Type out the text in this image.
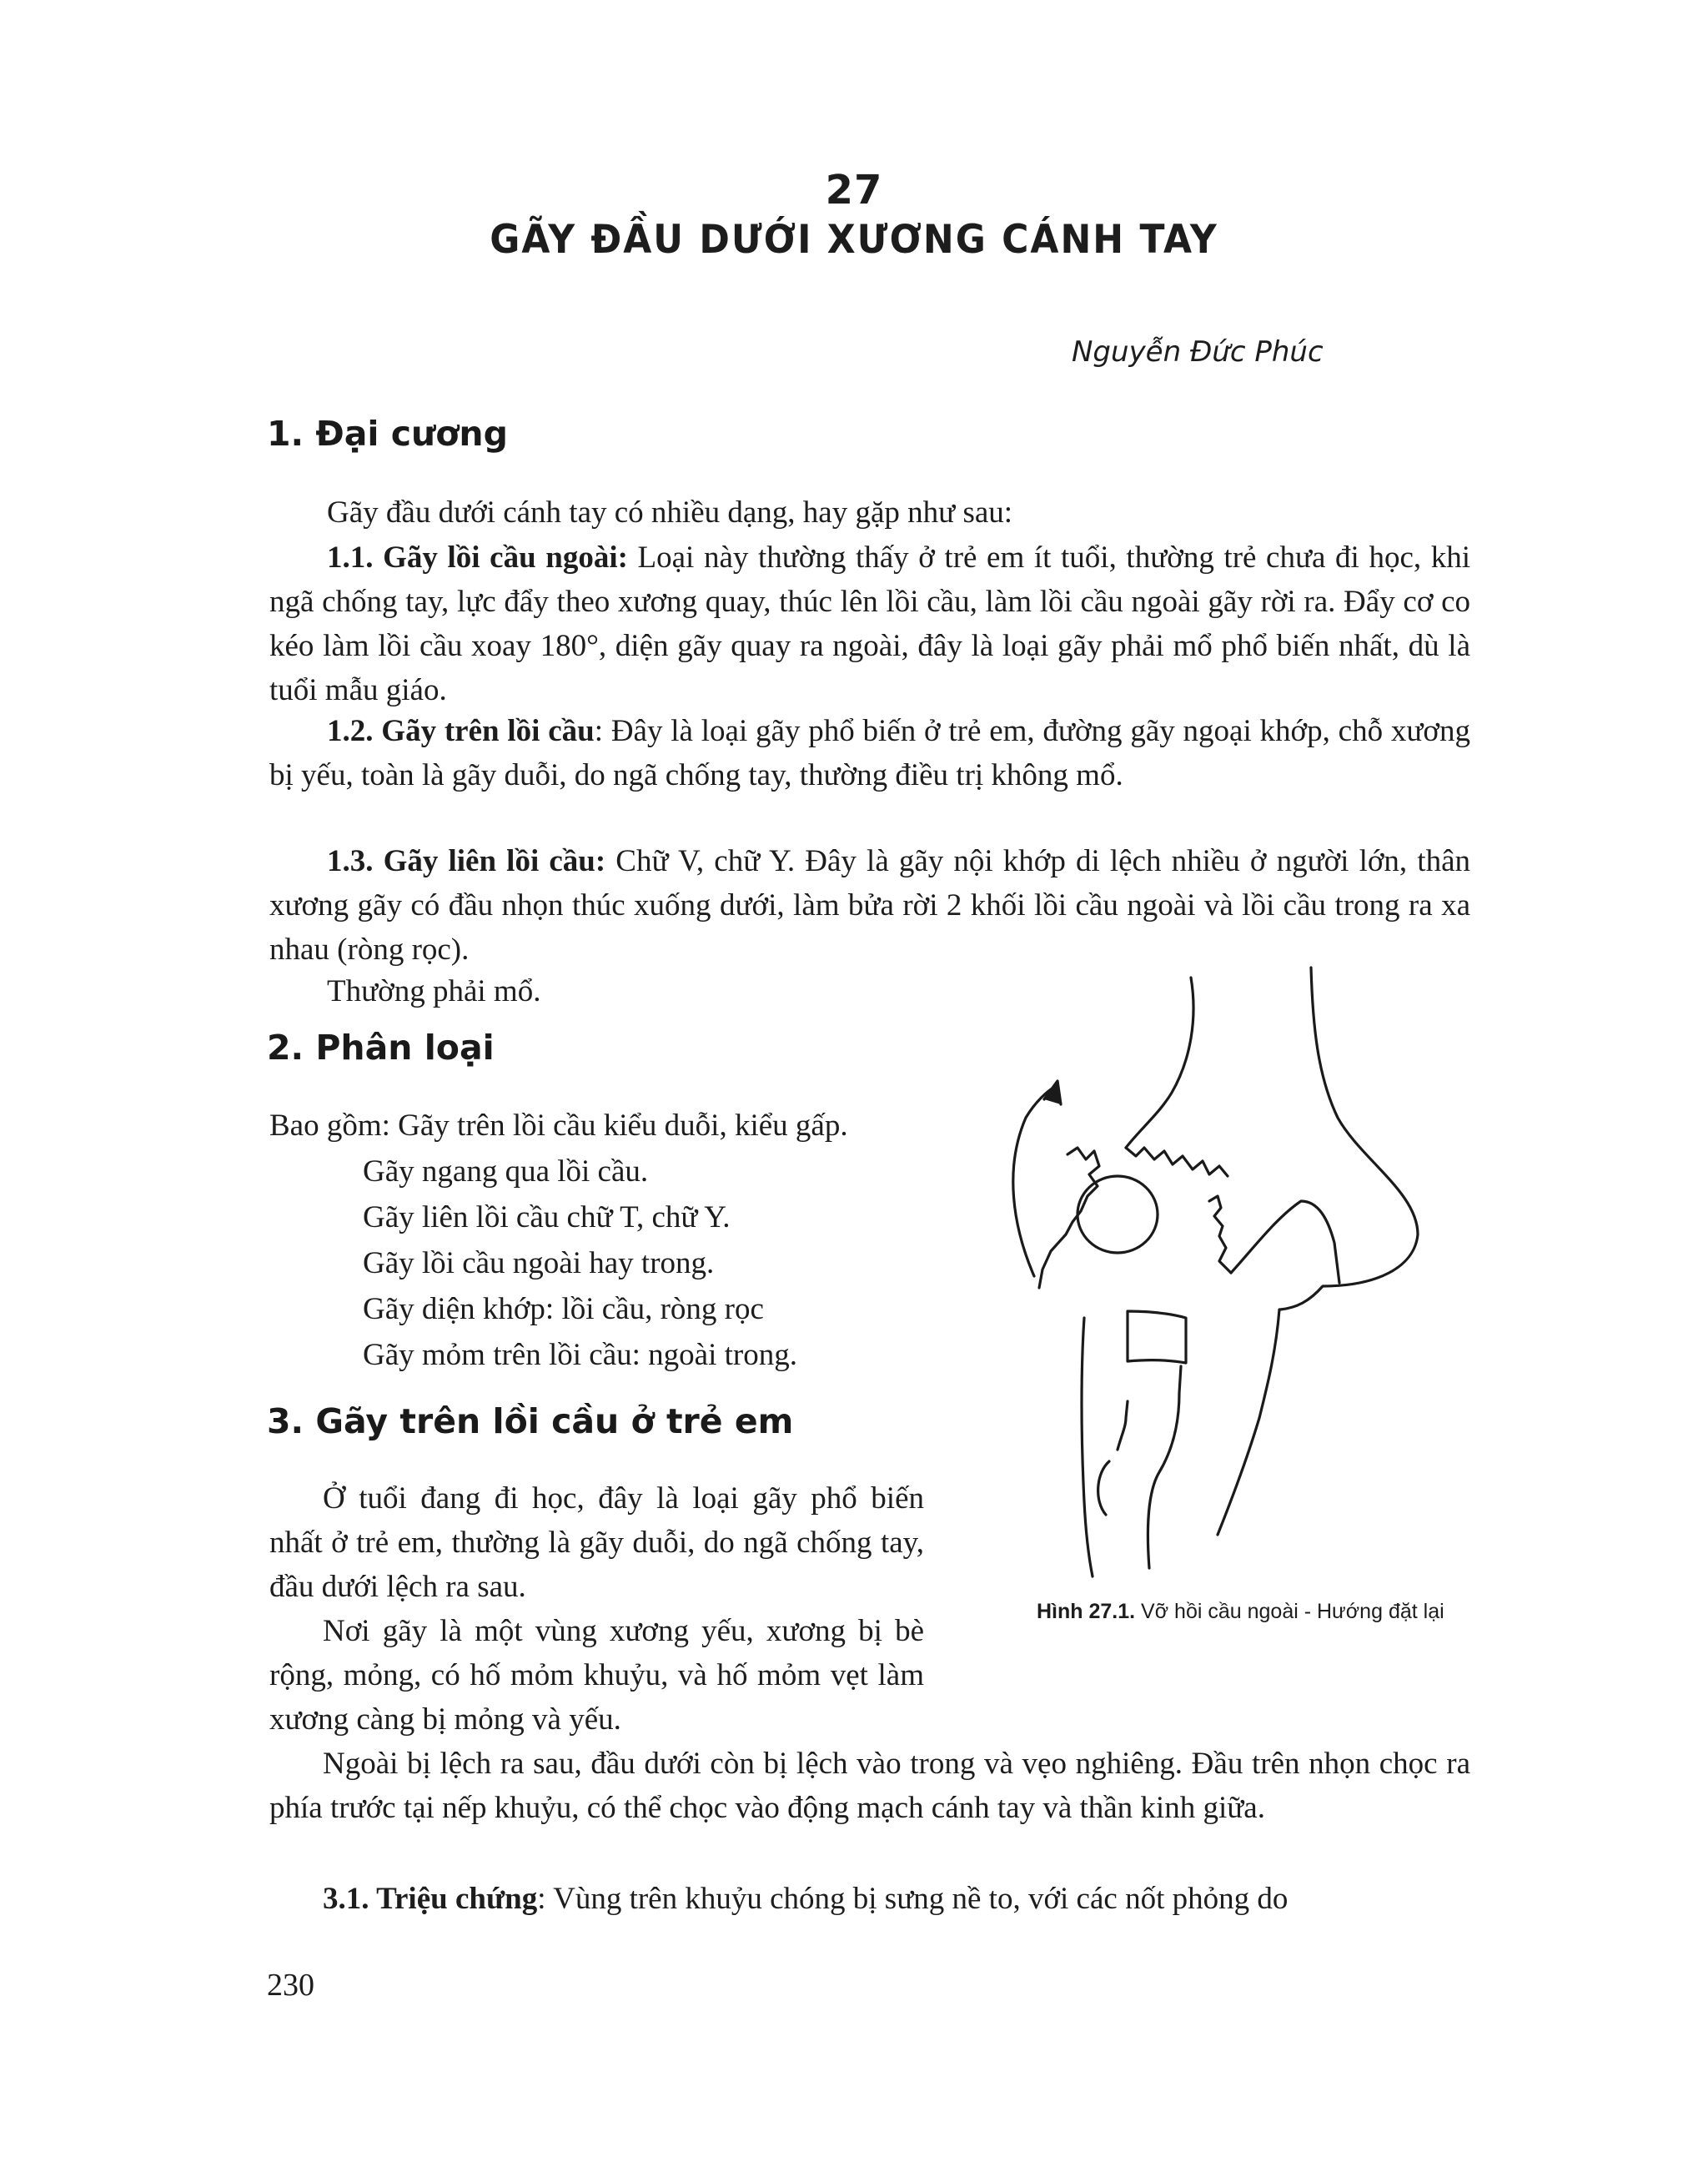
27
GÃY ĐẦU DƯỚI XƯƠNG CÁNH TAY
Nguyễn Đức Phúc
1. Đại cương
Gãy đầu dưới cánh tay có nhiều dạng, hay gặp như sau:
1.1. Gãy lồi cầu ngoài: Loại này thường thấy ở trẻ em ít tuổi, thường trẻ chưa đi học, khi ngã chống tay, lực đẩy theo xương quay, thúc lên lồi cầu, làm lồi cầu ngoài gãy rời ra. Đẩy cơ co kéo làm lồi cầu xoay 180°, diện gãy quay ra ngoài, đây là loại gãy phải mổ phổ biến nhất, dù là tuổi mẫu giáo.
1.2. Gãy trên lồi cầu: Đây là loại gãy phổ biến ở trẻ em, đường gãy ngoại khớp, chỗ xương bị yếu, toàn là gãy duỗi, do ngã chống tay, thường điều trị không mổ.
1.3. Gãy liên lồi cầu: Chữ V, chữ Y. Đây là gãy nội khớp di lệch nhiều ở người lớn, thân xương gãy có đầu nhọn thúc xuống dưới, làm bửa rời 2 khối lồi cầu ngoài và lồi cầu trong ra xa nhau (ròng rọc).
Thường phải mổ.
2. Phân loại
Bao gồm: Gãy trên lồi cầu kiểu duỗi, kiểu gấp.
Gãy ngang qua lồi cầu.
Gãy liên lồi cầu chữ T, chữ Y.
Gãy lồi cầu ngoài hay trong.
Gãy diện khớp: lồi cầu, ròng rọc
Gãy mỏm trên lồi cầu: ngoài trong.
3. Gãy trên lồi cầu ở trẻ em
Ở tuổi đang đi học, đây là loại gãy phổ biến nhất ở trẻ em, thường là gãy duỗi, do ngã chống tay, đầu dưới lệch ra sau.
Nơi gãy là một vùng xương yếu, xương bị bè rộng, mỏng, có hố mỏm khuỷu, và hố mỏm vẹt làm xương càng bị mỏng và yếu.
Ngoài bị lệch ra sau, đầu dưới còn bị lệch vào trong và vẹo nghiêng. Đầu trên nhọn chọc ra phía trước tại nếp khuỷu, có thể chọc vào động mạch cánh tay và thần kinh giữa.
3.1. Triệu chứng: Vùng trên khuỷu chóng bị sưng nề to, với các nốt phỏng do
Hình 27.1. Vỡ hồi cầu ngoài - Hướng đặt lại
230
